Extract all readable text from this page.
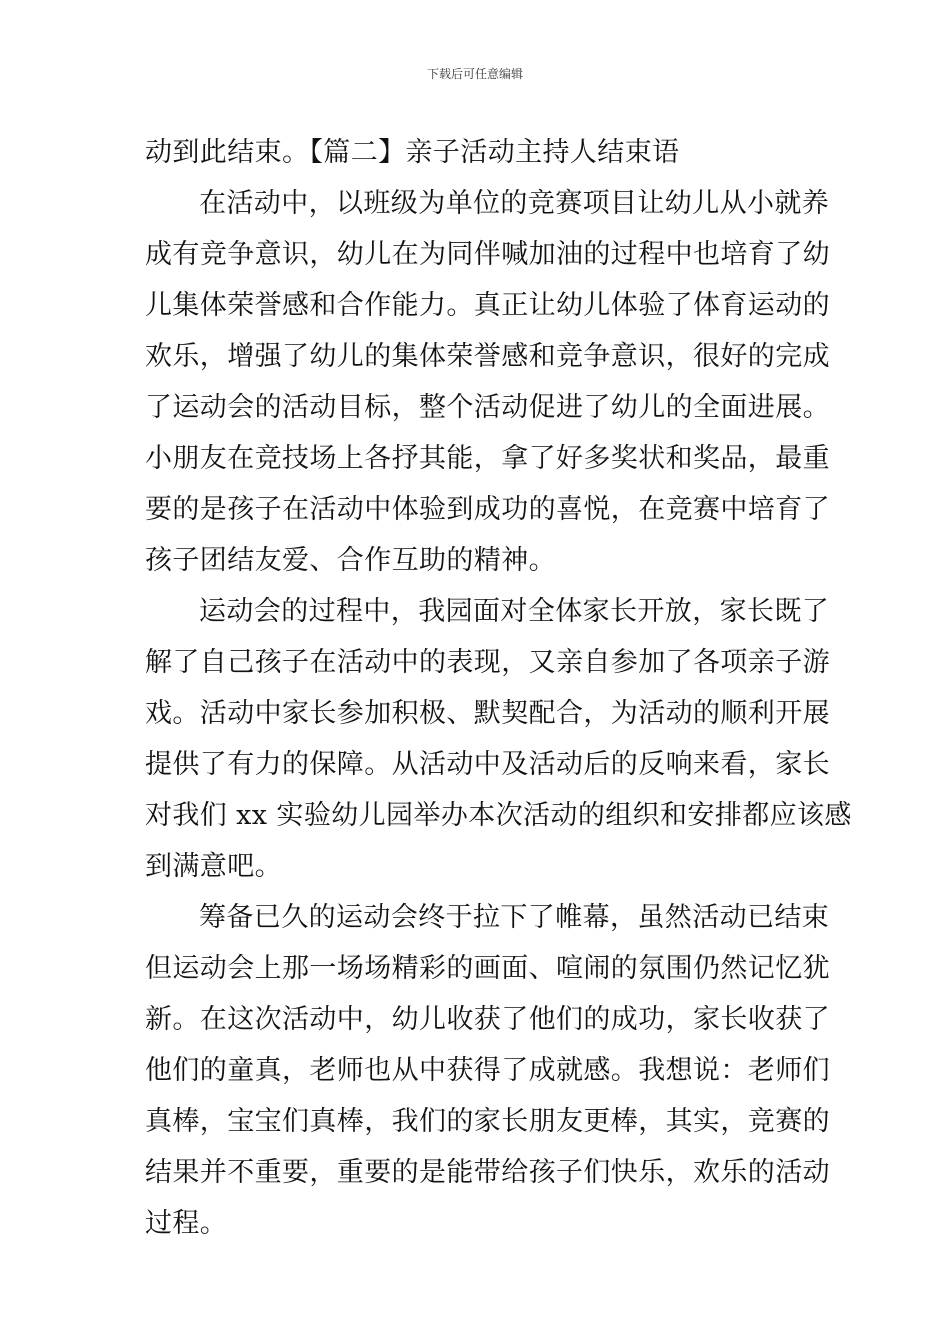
下载后可任意编辑
动到此结束。【篇二】亲子活动主持人结束语
在活动中，以班级为单位的竞赛项目让幼儿从小就养
成有竞争意识，幼儿在为同伴喊加油的过程中也培育了幼
儿集体荣誉感和合作能力。真正让幼儿体验了体育运动的
欢乐，增强了幼儿的集体荣誉感和竞争意识，很好的完成
了运动会的活动目标，整个活动促进了幼儿的全面进展。
小朋友在竞技场上各抒其能，拿了好多奖状和奖品，最重
要的是孩子在活动中体验到成功的喜悦，在竞赛中培育了
孩子团结友爱、合作互助的精神。
运动会的过程中，我园面对全体家长开放，家长既了
解了自己孩子在活动中的表现，又亲自参加了各项亲子游
戏。活动中家长参加积极、默契配合，为活动的顺利开展
提供了有力的保障。从活动中及活动后的反响来看，家长
对我们 xx 实验幼儿园举办本次活动的组织和安排都应该感
到满意吧。
筹备已久的运动会终于拉下了帷幕，虽然活动已结束
但运动会上那一场场精彩的画面、喧闹的氛围仍然记忆犹
新。在这次活动中，幼儿收获了他们的成功，家长收获了
他们的童真，老师也从中获得了成就感。我想说：老师们
真棒，宝宝们真棒，我们的家长朋友更棒，其实，竞赛的
结果并不重要，重要的是能带给孩子们快乐，欢乐的活动
过程。
